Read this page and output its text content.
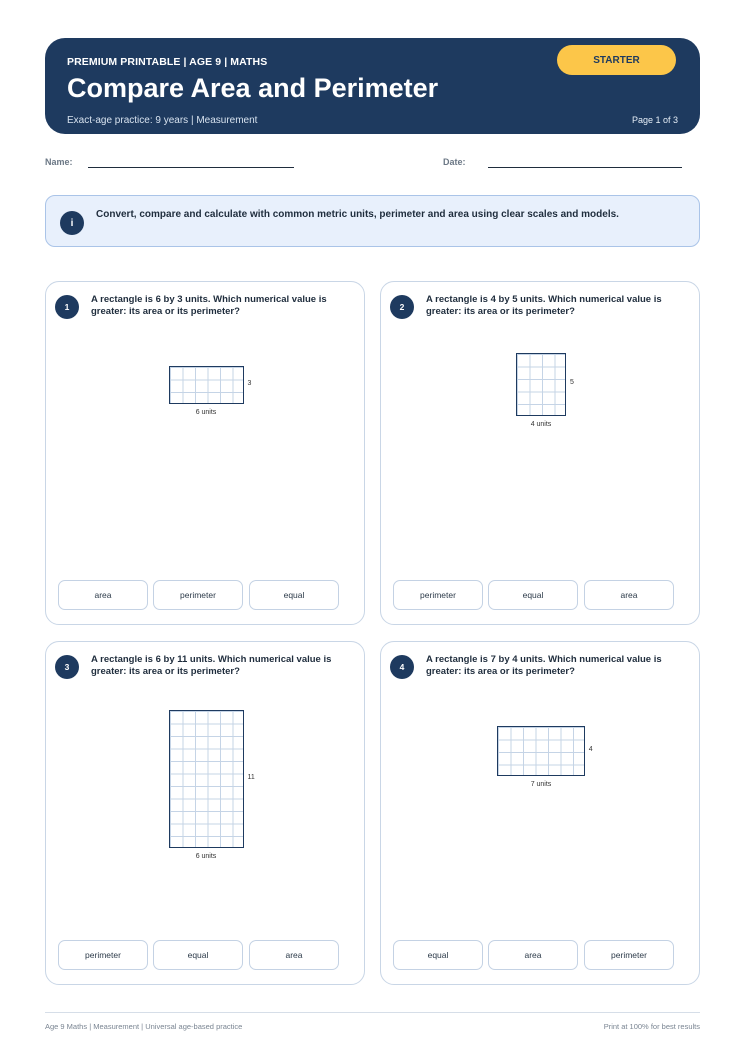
PREMIUM PRINTABLE | AGE 9 | MATHS
Compare Area and Perimeter
Exact-age practice: 9 years | Measurement	Page 1 of 3
STARTER
Name:	Date:
i
Convert, compare and calculate with common metric units, perimeter and area using clear scales and models.
1
A rectangle is 6 by 3 units. Which numerical value is greater: its area or its perimeter?
3
6 units
area	perimeter	equal
2
A rectangle is 4 by 5 units. Which numerical value is greater: its area or its perimeter?
5
4 units
perimeter	equal	area
3
A rectangle is 6 by 11 units. Which numerical value is greater: its area or its perimeter?
11
6 units
perimeter	equal	area
4
A rectangle is 7 by 4 units. Which numerical value is greater: its area or its perimeter?
4
7 units
equal	area	perimeter
Age 9 Maths | Measurement | Universal age-based practice	Print at 100% for best results
